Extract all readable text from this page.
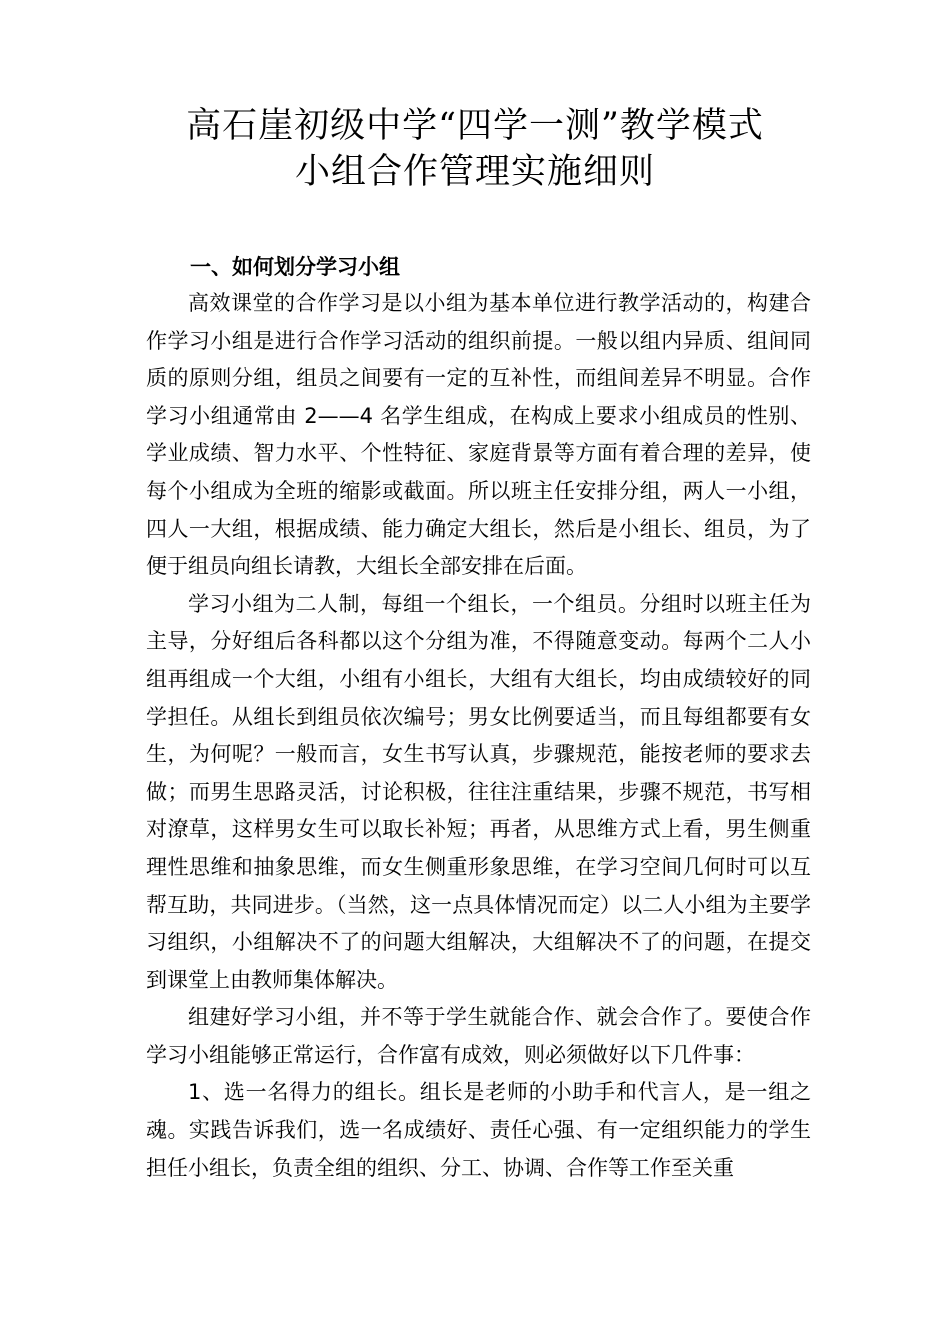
高石崖初级中学“四学一测”教学模式
小组合作管理实施细则
一、如何划分学习小组

高效课堂的合作学习是以小组为基本单位进行教学活动的，构建合作学习小组是进行合作学习活动的组织前提。一般以组内异质、组间同质的原则分组，组员之间要有一定的互补性，而组间差异不明显。合作学习小组通常由 2——4 名学生组成，在构成上要求小组成员的性别、学业成绩、智力水平、个性特征、家庭背景等方面有着合理的差异，使每个小组成为全班的缩影或截面。所以班主任安排分组，两人一小组，四人一大组，根据成绩、能力确定大组长，然后是小组长、组员，为了便于组员向组长请教，大组长全部安排在后面。

学习小组为二人制，每组一个组长，一个组员。分组时以班主任为主导，分好组后各科都以这个分组为准，不得随意变动。每两个二人小组再组成一个大组，小组有小组长，大组有大组长，均由成绩较好的同学担任。从组长到组员依次编号；男女比例要适当，而且每组都要有女生，为何呢？一般而言，女生书写认真，步骤规范，能按老师的要求去做；而男生思路灵活，讨论积极，往往注重结果，步骤不规范，书写相对潦草，这样男女生可以取长补短；再者，从思维方式上看，男生侧重理性思维和抽象思维，而女生侧重形象思维，在学习空间几何时可以互帮互助，共同进步。（当然，这一点具体情况而定）以二人小组为主要学习组织，小组解决不了的问题大组解决，大组解决不了的问题，在提交到课堂上由教师集体解决。

组建好学习小组，并不等于学生就能合作、就会合作了。要使合作学习小组能够正常运行，合作富有成效，则必须做好以下几件事：

1、选一名得力的组长。组长是老师的小助手和代言人，是一组之魂。实践告诉我们，选一名成绩好、责任心强、有一定组织能力的学生担任小组长，负责全组的组织、分工、协调、合作等工作至关重
